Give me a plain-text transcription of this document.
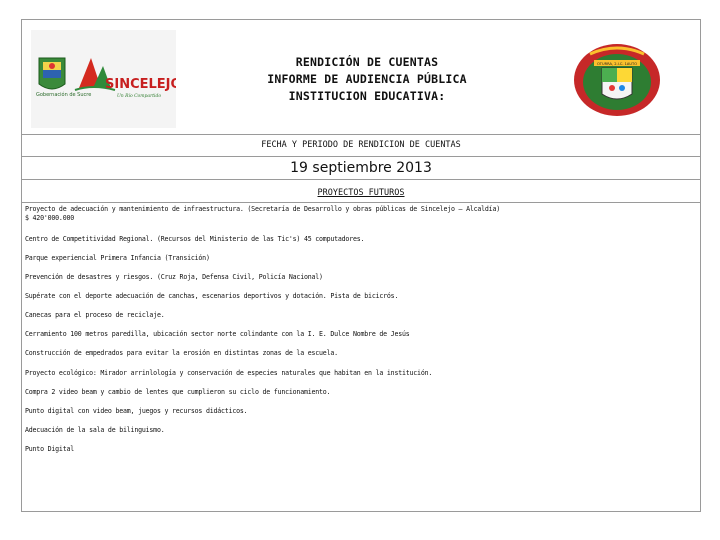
Gobernación de Sucre
SINCELEJO
Un Río Compartido
RENDICIÓN DE CUENTAS
INFORME DE AUDIENCIA PÚBLICA
INSTITUCION EDUCATIVA:
OTURRA, 2.I.C. 1AUTO
FECHA Y PERIODO DE RENDICION DE CUENTAS
19 septiembre 2013
PROYECTOS FUTUROS
Proyecto de adecuación y mantenimiento de infraestructura. (Secretaría de Desarrollo y obras públicas de Sincelejo – Alcaldía)
$ 420'000.000
Centro de Competitividad Regional. (Recursos del Ministerio de las Tic's) 45 computadores.
Parque experiencial Primera Infancia (Transición)
Prevención de desastres y riesgos. (Cruz Roja, Defensa Civil, Policía Nacional)
Supérate con el deporte adecuación de canchas, escenarios deportivos y dotación. Pista de bicicrós.
Canecas para el proceso de reciclaje.
Cerramiento 100 metros paredilla, ubicación sector norte colindante con la I. E. Dulce Nombre de Jesús
Construcción de empedrados para evitar la erosión en distintas zonas de la escuela.
Proyecto ecológico: Mirador arrinlología y conservación de especies naturales que habitan en la institución.
Compra 2 video beam y cambio de lentes que cumplieron su ciclo de funcionamiento.
Punto digital con video beam, juegos y recursos didácticos.
Adecuación de la sala de bilinguismo.
Punto Digital
